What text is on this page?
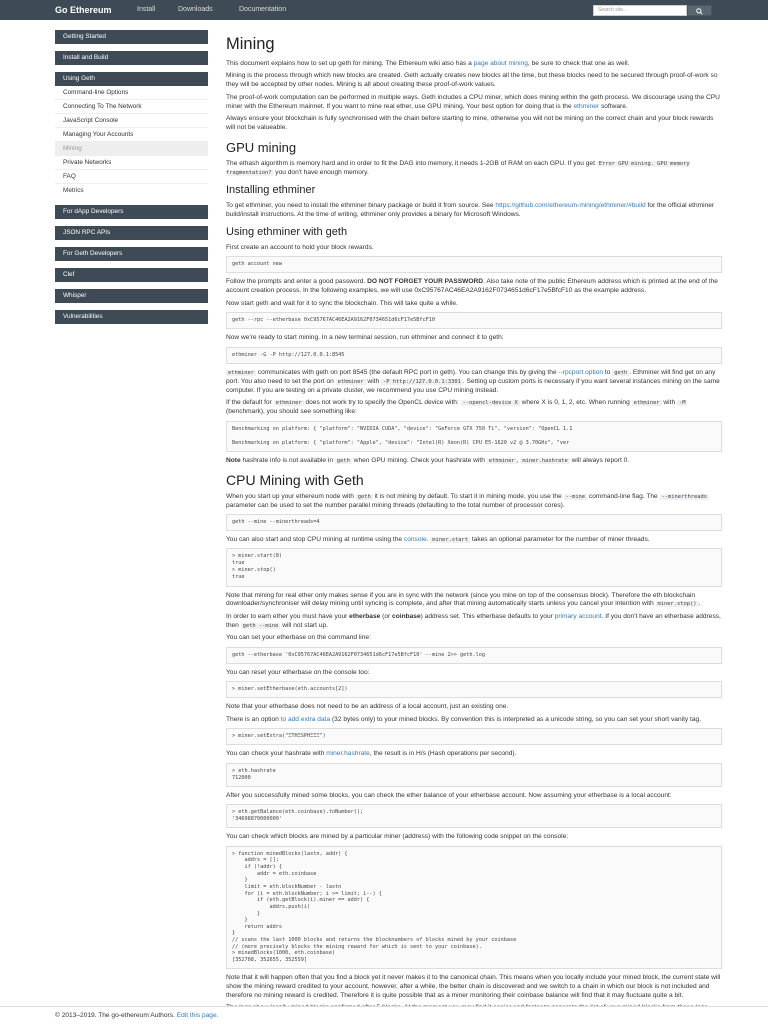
Go Ethereum	Install	Downloads	Documentation	Search site...
Getting Started
Install and Build
Using Geth
Command-line Options
Connecting To The Network
JavaScript Console
Managing Your Accounts
Mining
Private Networks
FAQ
Metrics
For dApp Developers
JSON RPC APIs
For Geth Developers
Clef
Whisper
Vulnerabilities
Mining

This document explains how to set up geth for mining. The Ethereum wiki also has a page about mining, be sure to check that one as well.

Mining is the process through which new blocks are created. Geth actually creates new blocks all the time, but these blocks need to be secured through proof-of-work so they will be accepted by other nodes. Mining is all about creating these proof-of-work values.

The proof-of-work computation can be performed in multiple ways. Geth includes a CPU miner, which does mining within the geth process. We discourage using the CPU miner with the Ethereum mainnet. If you want to mine real ether, use GPU mining. Your best option for doing that is the ethminer software.

Always ensure your blockchain is fully synchronised with the chain before starting to mine, otherwise you will not be mining on the correct chain and your block rewards will not be valueable.

GPU mining

The ethash algorithm is memory hard and in order to fit the DAG into memory, it needs 1-2GB of RAM on each GPU. If you get Error GPU mining. GPU memory fragmentation? you don't have enough memory.

Installing ethminer

To get ethminer, you need to install the ethminer binary package or build it from source. See https://github.com/ethereum-mining/ethminer/#build for the official ethminer build/install instructions. At the time of writing, ethminer only provides a binary for Microsoft Windows.

Using ethminer with geth

First create an account to hold your block rewards.

geth account new

Follow the prompts and enter a good password. DO NOT FORGET YOUR PASSWORD. Also take note of the public Ethereum address which is printed at the end of the account creation process. In the following examples, we will use 0xC95767AC46EA2A9162F0734651d6cF17e5BfcF10 as the example address.

Now start geth and wait for it to sync the blockchain. This will take quite a while.

geth --rpc --etherbase 0xC95767AC46EA2A9162F0734651d6cF17e5BfcF10

Now we're ready to start mining. In a new terminal session, run ethminer and connect it to geth:

ethminer -G -P http://127.0.0.1:8545

ethminer communicates with geth on port 8545 (the default RPC port in geth). You can change this by giving the --rpcport option to geth . Ethminer will find get on any port. You also need to set the port on ethminer with -P http://127.0.0.1:3301 . Setting up custom ports is necessary if you want several instances mining on the same computer. If you are testing on a private cluster, we recommend you use CPU mining instead.

If the default for ethminer does not work try to specify the OpenCL device with: --opencl-device X where X is 0, 1, 2, etc. When running ethminer with -M (benchmark), you should see something like:

Benchmarking on platform: { "platform": "NVIDIA CUDA", "device": "GeForce GTX 750 Ti", "version": "OpenCL 1.1

Benchmarking on platform: { "platform": "Apple", "device": "Intel(R) Xeon(R) CPU E5-1620 v2 @ 3.70GHz", "ver

Note hashrate info is not available in geth when GPU mining. Check your hashrate with ethminer , miner.hashrate will always report 0.

CPU Mining with Geth

When you start up your ethereum node with geth it is not mining by default. To start it in mining mode, you use the --mine command-line flag. The --minerthreads parameter can be used to set the number parallel mining threads (defaulting to the total number of processor cores).

geth --mine --minerthreads=4

You can also start and stop CPU mining at runtime using the console. miner.start takes an optional parameter for the number of miner threads.

> miner.start(8)
true
> miner.stop()
true

Note that mining for real ether only makes sense if you are in sync with the network (since you mine on top of the consensus block). Therefore the eth blockchain downloader/synchroniser will delay mining until syncing is complete, and after that mining automatically starts unless you cancel your intention with miner.stop() .

In order to earn ether you must have your etherbase (or coinbase) address set. This etherbase defaults to your primary account. If you don't have an etherbase address, then geth --mine will not start up.

You can set your etherbase on the command line:

geth --etherbase '0xC95767AC46EA2A9162F0734651d6cF17e5BfcF10' --mine 2>> geth.log

You can reset your etherbase on the console too:

> miner.setEtherbase(eth.accounts[2])

Note that your etherbase does not need to be an address of a local account, just an existing one.

There is an option to add extra data (32 bytes only) to your mined blocks. By convention this is interpreted as a unicode string, so you can set your short vanity tag.

> miner.setExtra("ΞTHΞSPHΞΞΞ")

You can check your hashrate with miner.hashrate, the result is in H/s (Hash operations per second).

> eth.hashrate
712000

After you successfully mined some blocks, you can check the ether balance of your etherbase account. Now assuming your etherbase is a local account:

> eth.getBalance(eth.coinbase).toNumber();
'34698870000000'

You can check which blocks are mined by a particular miner (address) with the following code snippet on the console:

> function minedBlocks(lastn, addr) {
addrs = [];
if (!addr) {
addr = eth.coinbase
}
limit = eth.blockNumber - lastn
for (i = eth.blockNumber; i >= limit; i--) {
if (eth.getBlock(i).miner == addr) {
addrs.push(i)
}
}
return addrs
}
// scans the last 1000 blocks and returns the blocknumbers of blocks mined by your coinbase
// (more precisely blocks the mining reward for which is sent to your coinbase).
> minedBlocks(1000, eth.coinbase)
[352708, 352655, 352559]

Note that it will happen often that you find a block yet it never makes it to the canonical chain. This means when you locally include your mined block, the current state will show the mining reward credited to your account, however, after a while, the better chain is discovered and we switch to a chain in which our block is not included and therefore no mining reward is credited. Therefore it is quite possible that as a miner monitoring their coinbase balance will find that it may fluctuate quite a bit.

© 2013–2019. The go-ethereum Authors. Edit this page.
